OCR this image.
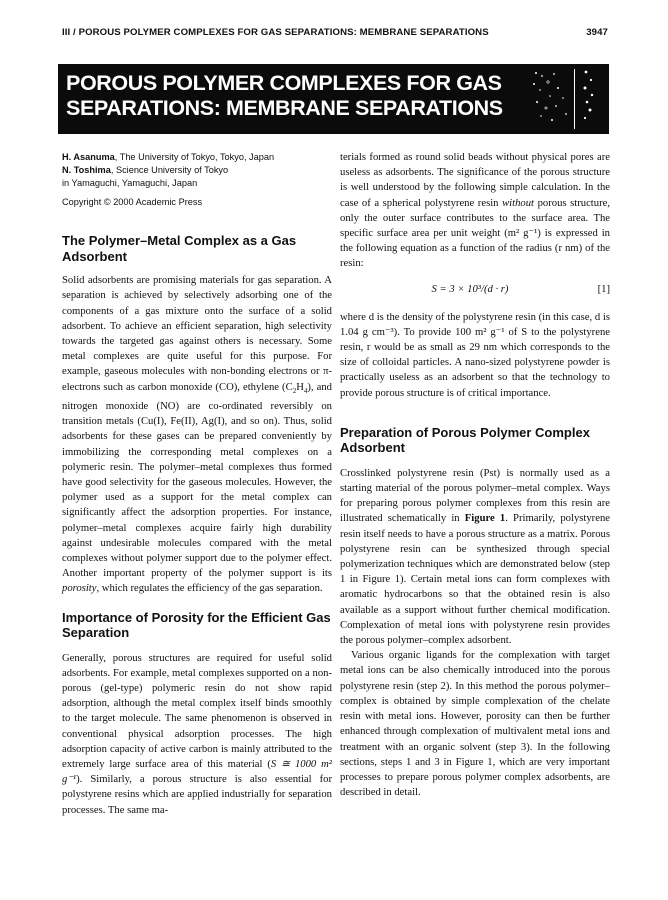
III / POROUS POLYMER COMPLEXES FOR GAS SEPARATIONS: MEMBRANE SEPARATIONS	3947
POROUS POLYMER COMPLEXES FOR GAS SEPARATIONS: MEMBRANE SEPARATIONS
H. Asanuma, The University of Tokyo, Tokyo, Japan
N. Toshima, Science University of Tokyo
in Yamaguchi, Yamaguchi, Japan
Copyright © 2000 Academic Press
The Polymer–Metal Complex as a Gas Adsorbent

Solid adsorbents are promising materials for gas separation. A separation is achieved by selectively adsorbing one of the components of a gas mixture onto the surface of a solid adsorbent. To achieve an efficient separation, high selectivity towards the targeted gas against others is necessary. Some metal complexes are quite useful for this purpose. For example, gaseous molecules with non-bonding electrons or π-electrons such as carbon monoxide (CO), ethylene $(C_2H_4)$, and nitrogen monoxide (NO) are co-ordinated reversibly on transition metals (Cu(I), Fe(II), Ag(I), and so on). Thus, solid adsorbents for these gases can be prepared conveniently by immobilizing the corresponding metal complexes on a polymeric resin. The polymer–metal complexes thus formed have good selectivity for the gaseous molecules. However, the polymer used as a support for the metal complex can significantly affect the adsorption properties. For instance, polymer–metal complexes acquire fairly high durability against undesirable molecules compared with the metal complexes without polymer support due to the polymer effect. Another important property of the polymer support is its porosity, which regulates the efficiency of the gas separation.

Importance of Porosity for the Efficient Gas Separation

Generally, porous structures are required for useful solid adsorbents. For example, metal complexes supported on a non-porous (gel-type) polymeric resin do not show rapid adsorption, although the metal complex itself binds smoothly to the target molecule. The same phenomenon is observed in conventional physical adsorption processes. The high adsorption capacity of active carbon is mainly attributed to the extremely large surface area of this material (S ≅ 1000 m² g⁻¹). Similarly, a porous structure is also essential for polystyrene resins which are applied industrially for separation processes. The same ma-

terials formed as round solid beads without physical pores are useless as adsorbents. The significance of the porous structure is well understood by the following simple calculation. In the case of a spherical polystyrene resin without porous structure, only the outer surface contributes to the surface area. The specific surface area per unit weight (m² g⁻¹) is expressed in the following equation as a function of the radius (r nm) of the resin:

S = 3 × 10³/(d · r)	[1]

where d is the density of the polystyrene resin (in this case, d is 1.04 g cm⁻³). To provide 100 m² g⁻¹ of S to the polystyrene resin, r would be as small as 29 nm which corresponds to the size of colloidal particles. A nano-sized polystyrene powder is practically useless as an adsorbent so that the technology to provide porous structure is of critical importance.

Preparation of Porous Polymer Complex Adsorbent

Crosslinked polystyrene resin (Pst) is normally used as a starting material of the porous polymer–metal complex. Ways for preparing porous polymer complexes from this resin are illustrated schematically in Figure 1. Primarily, polystyrene resin itself needs to have a porous structure as a matrix. Porous polystyrene resin can be synthesized through special polymerization techniques which are demonstrated below (step 1 in Figure 1). Certain metal ions can form complexes with aromatic hydrocarbons so that the obtained resin is also available as a support without further chemical modification. Complexation of metal ions with polystyrene resin provides the porous polymer–complex adsorbent.

Various organic ligands for the complexation with target metal ions can be also chemically introduced into the porous polystyrene resin (step 2). In this method the porous polymer–complex is obtained by simple complexation of the chelate resin with metal ions. However, porosity can then be further enhanced through complexation of multivalent metal ions and treatment with an organic solvent (step 3). In the following sections, steps 1 and 3 in Figure 1, which are very important processes to prepare porous polymer complex adsorbents, are described in detail.
